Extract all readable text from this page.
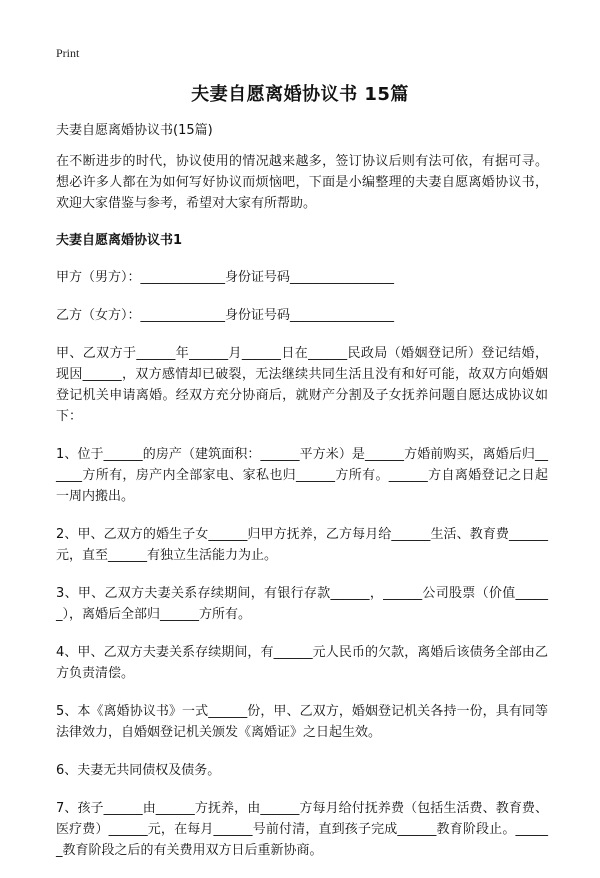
Print
夫妻自愿离婚协议书 15篇

夫妻自愿离婚协议书(15篇)

在不断进步的时代，协议使用的情况越来越多，签订协议后则有法可依，有据可寻。想必许多人都在为如何写好协议而烦恼吧，下面是小编整理的夫妻自愿离婚协议书，欢迎大家借鉴与参考，希望对大家有所帮助。

夫妻自愿离婚协议书1

甲方（男方）：_____________身份证号码________________

乙方（女方）：_____________身份证号码________________

甲、乙双方于______年______月______日在______民政局（婚姻登记所）登记结婚，现因______，双方感情却已破裂，无法继续共同生活且没有和好可能，故双方向婚姻登记机关申请离婚。经双方充分协商后，就财产分割及子女抚养问题自愿达成协议如下：

1、位于______的房产（建筑面积：______平方米）是______方婚前购买，离婚后归______方所有，房产内全部家电、家私也归______方所有。______方自离婚登记之日起一周内搬出。

2、甲、乙双方的婚生子女______归甲方抚养，乙方每月给______生活、教育费______元，直至______有独立生活能力为止。

3、甲、乙双方夫妻关系存续期间，有银行存款______，______公司股票（价值______），离婚后全部归______方所有。

4、甲、乙双方夫妻关系存续期间，有______元人民币的欠款，离婚后该债务全部由乙方负责清偿。

5、本《离婚协议书》一式______份，甲、乙双方，婚姻登记机关各持一份，具有同等法律效力，自婚姻登记机关颁发《离婚证》之日起生效。

6、夫妻无共同债权及债务。

7、孩子______由______方抚养，由______方每月给付抚养费（包括生活费、教育费、医疗费）______元，在每月______号前付清，直到孩子完成______教育阶段止。______教育阶段之后的有关费用双方日后重新协商。
